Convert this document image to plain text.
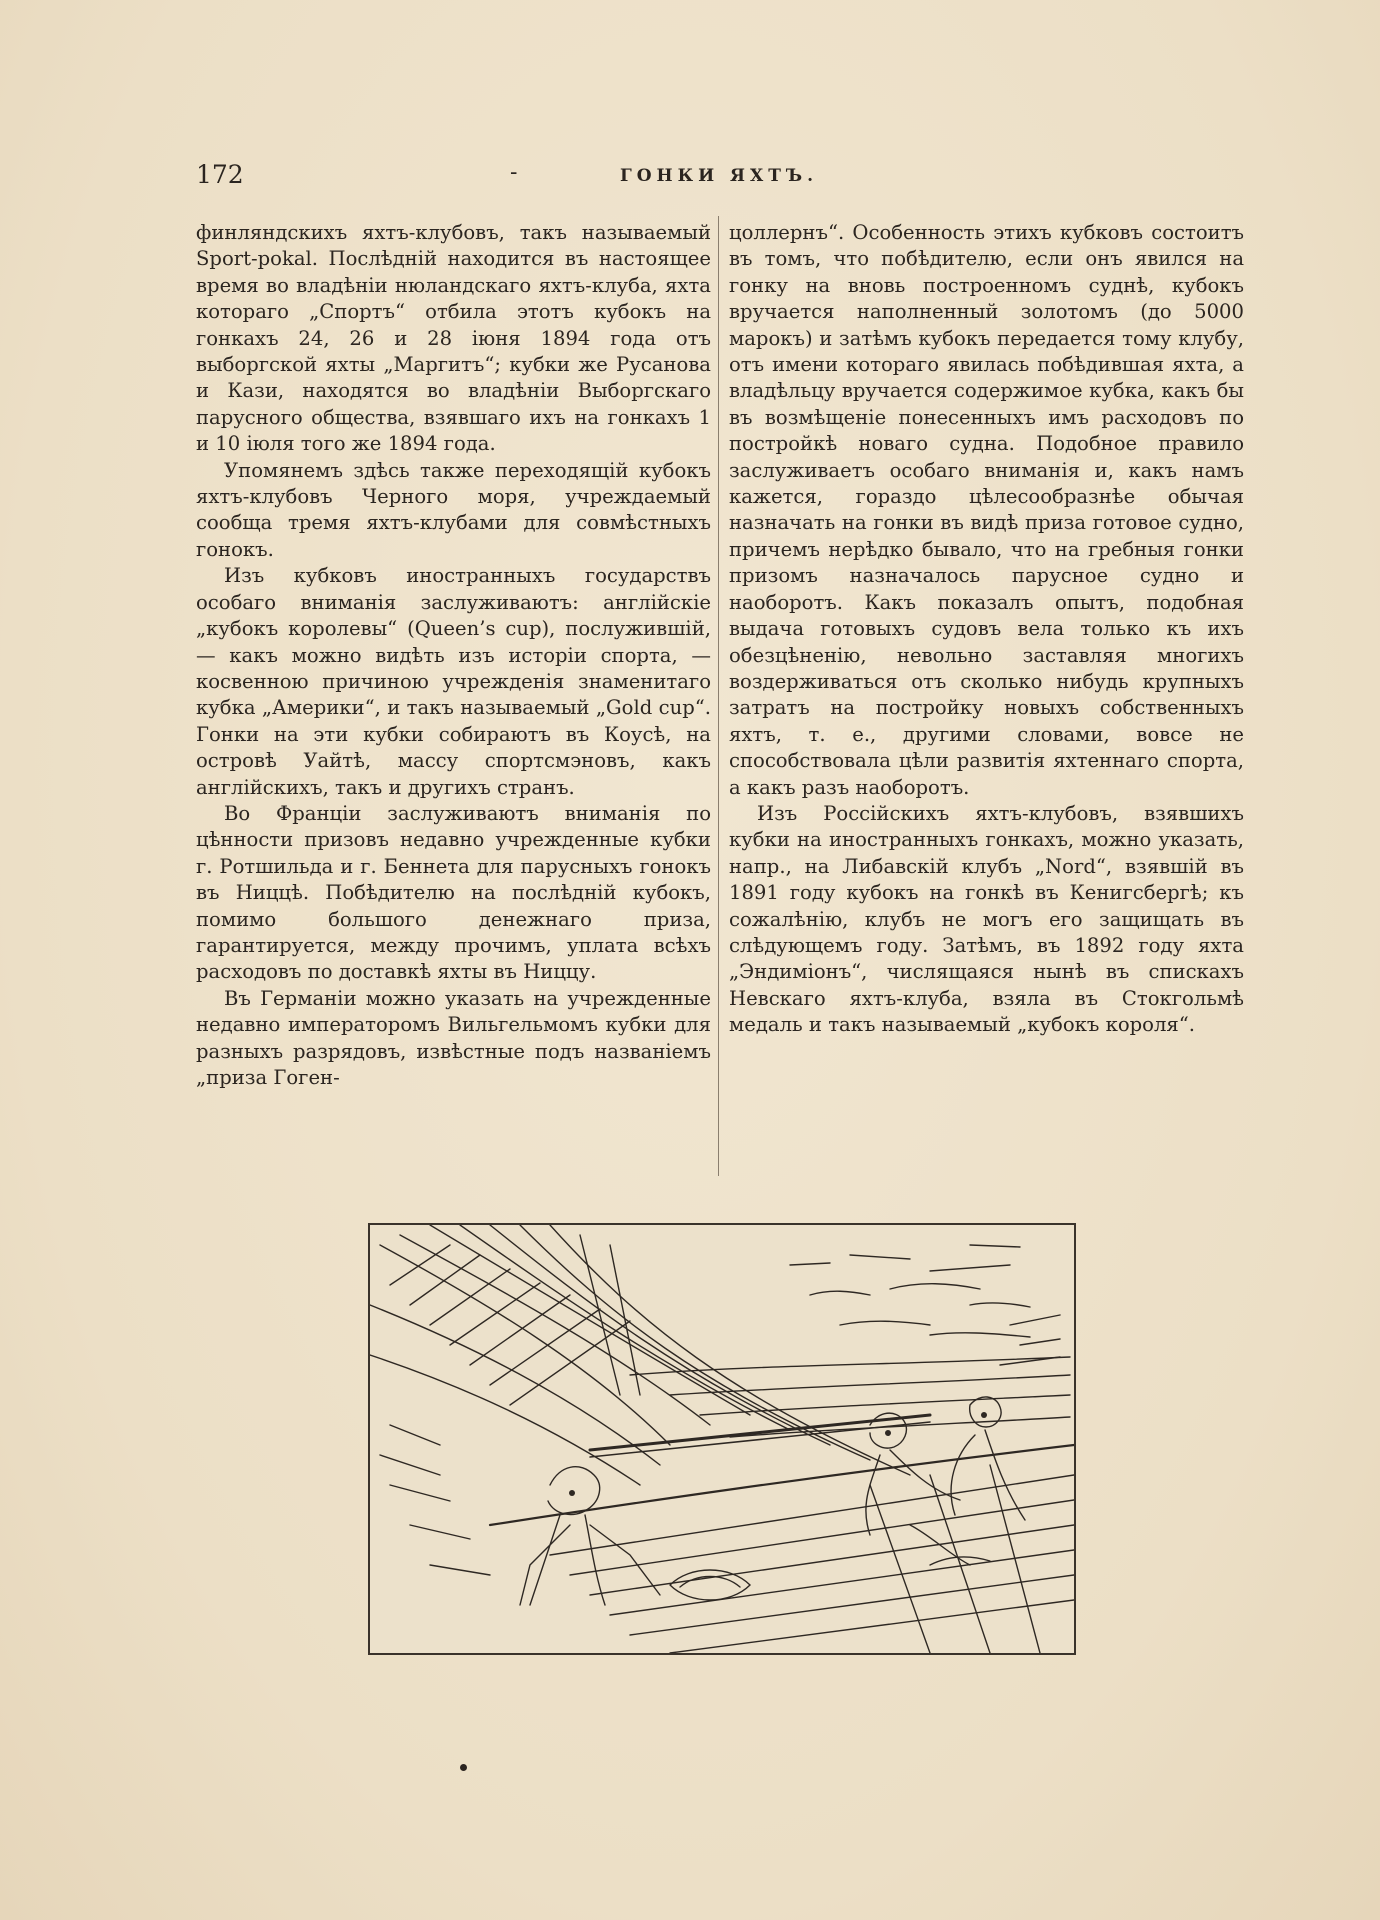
172	-	ГОНКИ ЯХТЪ.

финляндскихъ яхтъ-клубовъ, такъ называемый Sport-pokal. Послѣдній находится въ настоящее время во владѣніи нюландскаго яхтъ-клуба, яхта котораго „Спортъ“ отбила этотъ кубокъ на гонкахъ 24, 26 и 28 іюня 1894 года отъ выборгской яхты „Маргитъ“; кубки же Русанова и Кази, находятся во владѣніи Выборгскаго парусного общества, взявшаго ихъ на гонкахъ 1 и 10 іюля того же 1894 года.

Упомянемъ здѣсь также переходящій кубокъ яхтъ-клубовъ Черного моря, учреждаемый сообща тремя яхтъ-клубами для совмѣстныхъ гонокъ.

Изъ кубковъ иностранныхъ государствъ особаго вниманія заслуживаютъ: англійскіе „кубокъ королевы“ (Queen’s cup), послужившій, — какъ можно видѣть изъ исторіи спорта, — косвенною причиною учрежденія знаменитаго кубка „Америки“, и такъ называемый „Gold cup“. Гонки на эти кубки собираютъ въ Коусѣ, на островѣ Уайтѣ, массу спортсмэновъ, какъ англійскихъ, такъ и другихъ странъ.

Во Франціи заслуживаютъ вниманія по цѣнности призовъ недавно учрежденные кубки г. Ротшильда и г. Беннета для парусныхъ гонокъ въ Ниццѣ. Побѣдителю на послѣдній кубокъ, помимо большого денежнаго приза, гарантируется, между прочимъ, уплата всѣхъ расходовъ по доставкѣ яхты въ Ниццу.

Въ Германіи можно указать на учрежденные недавно императоромъ Вильгельмомъ кубки для разныхъ разрядовъ, извѣстные подъ названіемъ „приза Гоген-

цоллернъ“. Особенность этихъ кубковъ состоитъ въ томъ, что побѣдителю, если онъ явился на гонку на вновь построенномъ суднѣ, кубокъ вручается наполненный золотомъ (до 5000 марокъ) и затѣмъ кубокъ передается тому клубу, отъ имени котораго явилась побѣдившая яхта, а владѣльцу вручается содержимое кубка, какъ бы въ возмѣщеніе понесенныхъ имъ расходовъ по постройкѣ новаго судна. Подобное правило заслуживаетъ особаго вниманія и, какъ намъ кажется, гораздо цѣлесообразнѣе обычая назначать на гонки въ видѣ приза готовое судно, причемъ нерѣдко бывало, что на гребныя гонки призомъ назначалось парусное судно и наоборотъ. Какъ показалъ опытъ, подобная выдача готовыхъ судовъ вела только къ ихъ обезцѣненію, невольно заставляя многихъ воздерживаться отъ сколько нибудь крупныхъ затратъ на постройку новыхъ собственныхъ яхтъ, т. е., другими словами, вовсе не способствовала цѣли развитія яхтеннаго спорта, а какъ разъ наоборотъ.

Изъ Россійскихъ яхтъ-клубовъ, взявшихъ кубки на иностранныхъ гонкахъ, можно указать, напр., на Либавскій клубъ „Nord“, взявшій въ 1891 году кубокъ на гонкѣ въ Кенигсбергѣ; къ сожалѣнію, клубъ не могъ его защищать въ слѣдующемъ году. Затѣмъ, въ 1892 году яхта „Эндиміонъ“, числящаяся нынѣ въ спискахъ Невскаго яхтъ-клуба, взяла въ Стокгольмѣ медаль и такъ называемый „кубокъ короля“.
